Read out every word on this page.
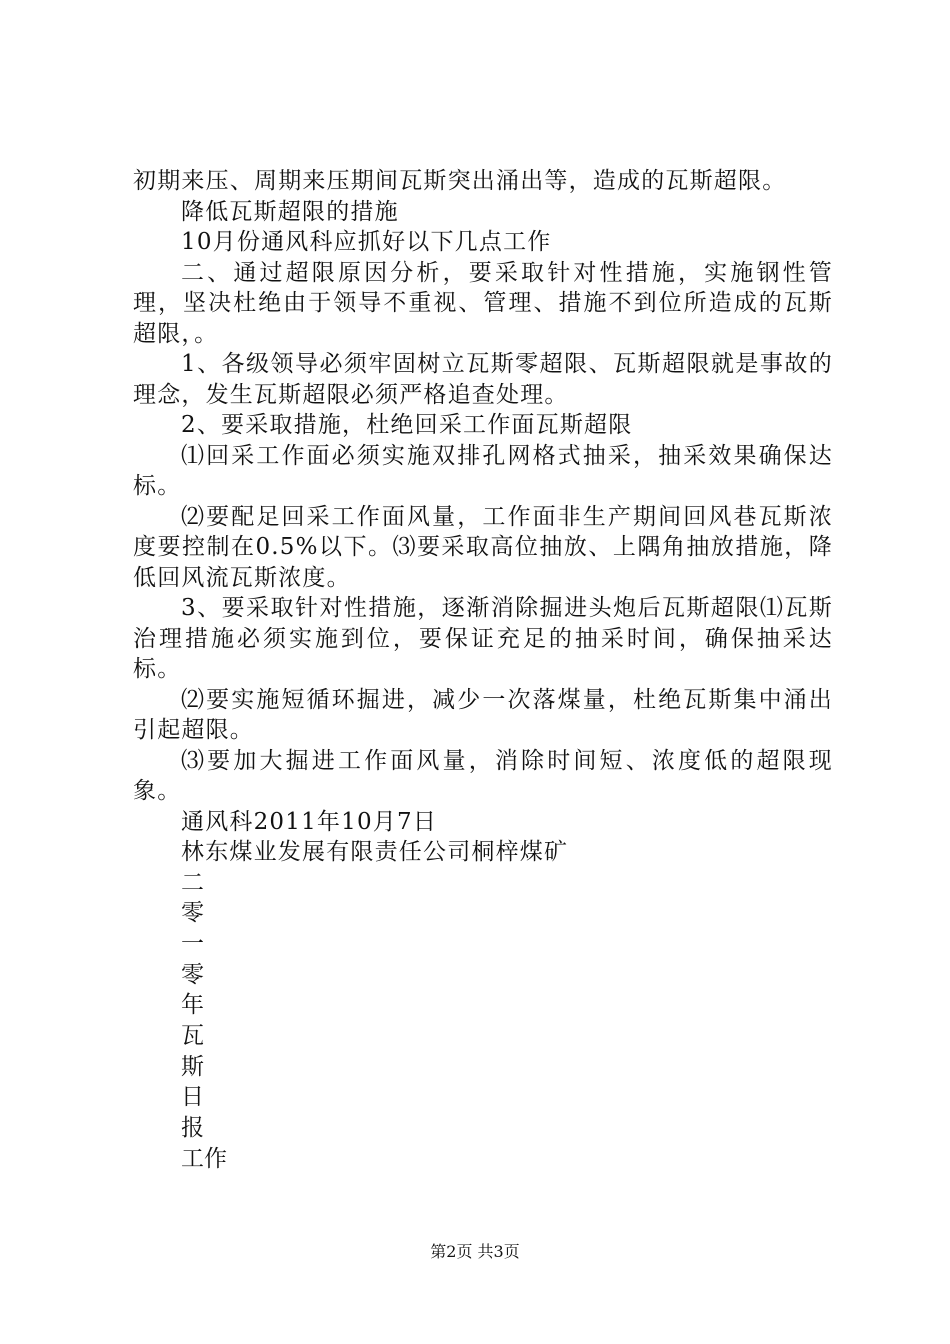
初期来压、周期来压期间瓦斯突出涌出等，造成的瓦斯超限。

降低瓦斯超限的措施

10月份通风科应抓好以下几点工作

二、通过超限原因分析，要采取针对性措施，实施钢性管理，坚决杜绝由于领导不重视、管理、措施不到位所造成的瓦斯超限，。

1、各级领导必须牢固树立瓦斯零超限、瓦斯超限就是事故的理念，发生瓦斯超限必须严格追查处理。

2、要采取措施，杜绝回采工作面瓦斯超限

⑴回采工作面必须实施双排孔网格式抽采，抽采效果确保达标。

⑵要配足回采工作面风量，工作面非生产期间回风巷瓦斯浓度要控制在0.5%以下。⑶要采取高位抽放、上隅角抽放措施，降低回风流瓦斯浓度。

3、要采取针对性措施，逐渐消除掘进头炮后瓦斯超限⑴瓦斯治理措施必须实施到位，要保证充足的抽采时间，确保抽采达标。

⑵要实施短循环掘进，减少一次落煤量，杜绝瓦斯集中涌出引起超限。

⑶要加大掘进工作面风量，消除时间短、浓度低的超限现象。

通风科2011年10月7日

林东煤业发展有限责任公司桐梓煤矿

二
零
一
零
年
瓦
斯
日
报
工作
第2页 共3页
